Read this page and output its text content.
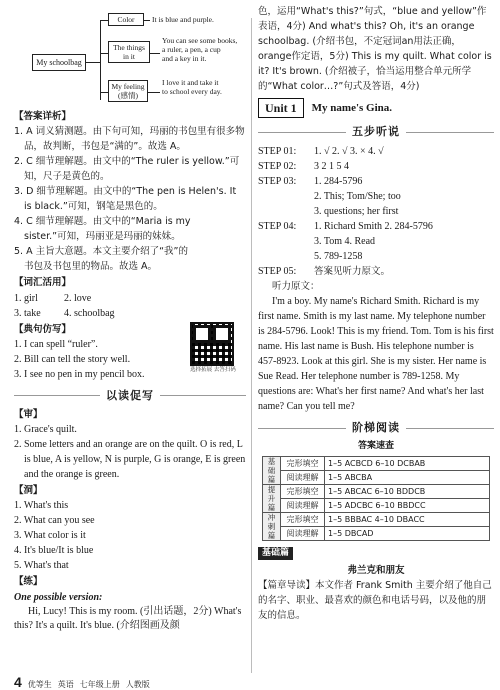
My schoolbag
Color	It is blue and purple.
The things in it
You can see some books,
a ruler, a pen, a cup
and a key in it.
My feeling (感情)
I love it and take it
to school every day.
【答案详析】
1. A 词义猜测题。由下句可知，玛丽的书包里有很多物品，故判断，书包是“满的”。故选 A。
2. C 细节理解题。由文中的“The ruler is yellow.”可知，尺子是黄色的。
3. D 细节理解题。由文中的“The pen is Helen's. It is black.”可知，钢笔是黑色的。
4. C 细节理解题。由文中的“Maria is my sister.”可知，玛丽亚是玛丽的妹妹。
5. A 主旨大意题。本文主要介绍了“我”的书包及书包里的物品。故选 A。
【词汇活用】
1. girl	2. love
3. take 4. schoolbag
【典句仿写】
1. I can spell “ruler”.
2. Bill can tell the story well.
3. I see no pen in my pencil box.
以读促写
【审】
1. Grace's quilt.
2. Some letters and an orange are on the quilt. O is red, L is blue, A is yellow, N is purple, G is orange, E is green and the orange is green.
【洞】
1. What's this
2. What can you see
3. What color is it
4. It's blue/It is blue
5. What's that
【练】
One possible version:
Hi, Lucy! This is my room. (引出话题，2分) What's this? It's a quilt. It's blue. (介绍图画及颜
选择拓展 去答扫码
色，运用“What's this?”句式，“blue and yellow”作表语，4分) And what's this? Oh, it's an orange schoolbag. (介绍书包，不定冠词an用法正确，orange作定语，5分) This is my quilt. What color is it? It's brown. (介绍被子，恰当运用整合单元所学的“What color…?”句式及答语，4分)
Unit 1	My name's Gina.
五步听说
STEP 01: 1. √ 2. √ 3. × 4. √
STEP 02: 3 2 1 5 4
STEP 03: 1. 284-5796
2. This; Tom/She; too
3. questions; her first
STEP 04: 1. Richard Smith 2. 284-5796
3. Tom 4. Read
5. 789-1258
STEP 05: 答案见听力原文。
听力原文：
I'm a boy. My name's Richard Smith. Richard is my first name. Smith is my last name. My telephone number is 284-5796. Look! This is my friend. Tom. Tom is his first name. His last name is Bush. His telephone number is 457-8923. Look at this girl. She is my sister. Her name is Sue Read. Her telephone number is 789-1258. My questions are: What's her first name? And what's her last name? Can you tell me?
阶梯阅读
答案速查
基础篇	完形填空	1–5 ACBCD 6–10 DCBAB
	阅读理解	1–5 ABCBA
提升篇	完形填空	1–5 ABCAC 6–10 BDDCB
	阅读理解	1–5 ADCBC 6–10 BBDCC
冲刺篇	完形填空	1–5 BBBAC 4–10 DBACC
	阅读理解	1–5 DBCAD
基础篇
弗兰克和朋友
【篇章导读】本文作者 Frank Smith 主要介绍了他自己的名字、职业、最喜欢的颜色和电话号码，以及他的朋友的信息。
4 优等生 英语 七年级上册 人教版
